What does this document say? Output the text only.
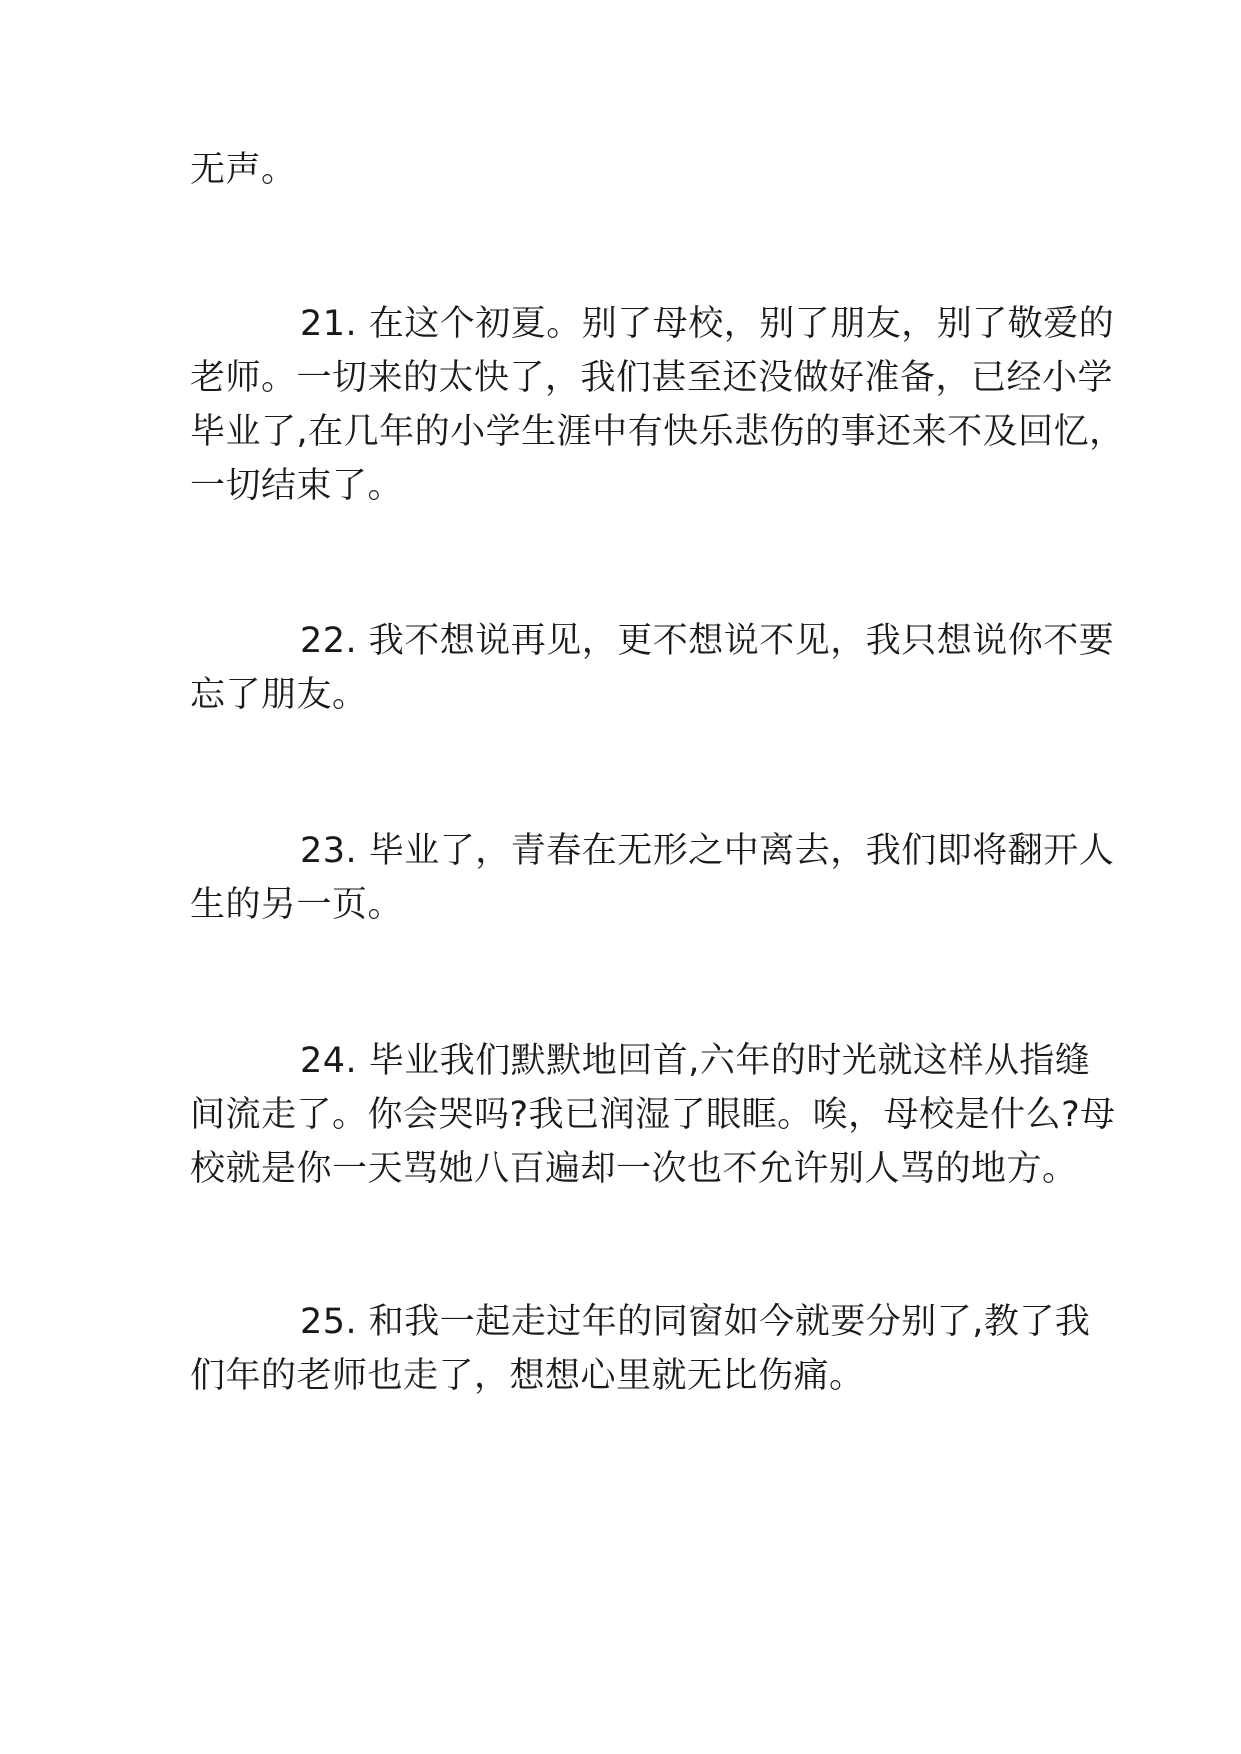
无声。
21. 在这个初夏。别了母校，别了朋友，别了敬爱的
老师。一切来的太快了，我们甚至还没做好准备，已经小学
毕业了,在几年的小学生涯中有快乐悲伤的事还来不及回忆，
一切结束了。
22. 我不想说再见，更不想说不见，我只想说你不要
忘了朋友。
23. 毕业了，青春在无形之中离去，我们即将翻开人
生的另一页。
24. 毕业我们默默地回首,六年的时光就这样从指缝
间流走了。你会哭吗?我已润湿了眼眶。唉，母校是什么?母
校就是你一天骂她八百遍却一次也不允许别人骂的地方。
25. 和我一起走过年的同窗如今就要分别了,教了我
们年的老师也走了，想想心里就无比伤痛。
